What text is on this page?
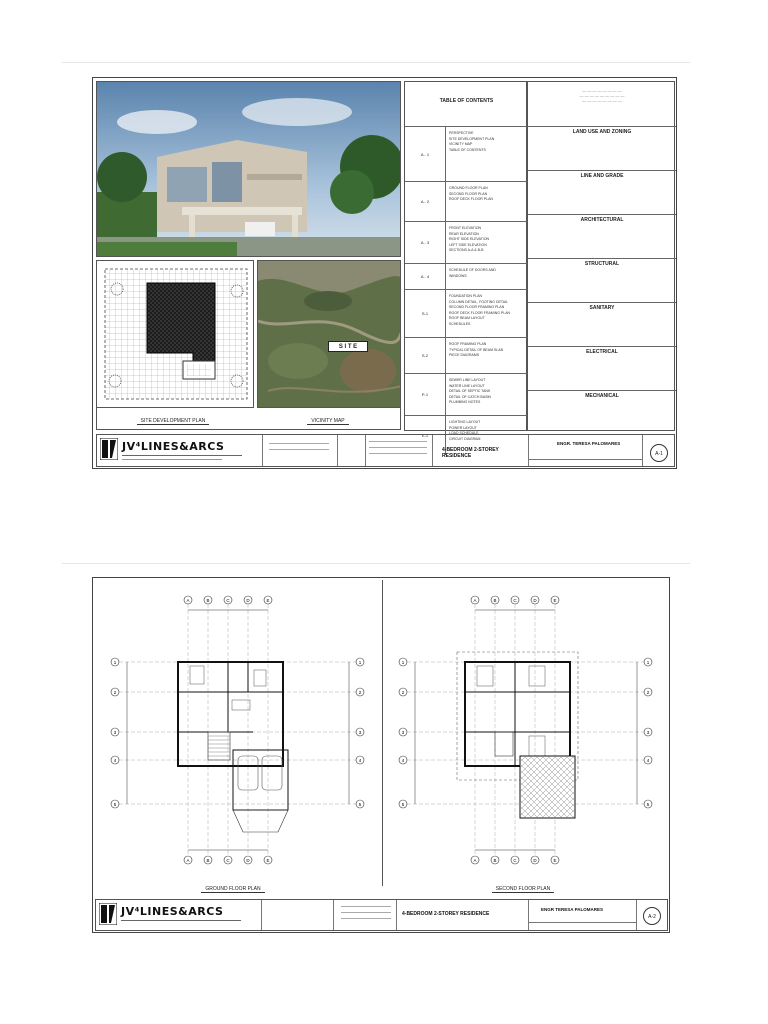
S I T E
SITE DEVELOPMENT PLAN	VICINITY MAP
TABLE OF CONTENTS
A - 1
PERSPECTIVE
SITE DEVELOPMENT PLAN
VICINITY MAP
TABLE OF CONTENTS
A - 2
GROUND FLOOR PLAN
SECOND FLOOR PLAN
ROOF DECK FLOOR PLAN
A - 3
FRONT ELEVATION
REAR ELEVATION
RIGHT SIDE ELEVATION
LEFT SIDE ELEVATION
SECTIONS A-A & B-B
A - 4
SCHEDULE OF DOORS AND
WINDOWS
S-1
FOUNDATION PLAN
COLUMN DETAIL, FOOTING DETAIL
SECOND FLOOR FRAMING PLAN
ROOF DECK FLOOR FRAMING PLAN
ROOF BEAM LAYOUT
SCHEDULES
S-2
ROOF FRAMING PLAN
TYPICAL DETAIL OF BEAM SLAB
PIECE DIAGRAMS
P-1
SEWER LINE LAYOUT
WATER LINE LAYOUT
DETAIL OF SEPTIC TANK
DETAIL OF CATCH BASIN
PLUMBING NOTES
E-1
LIGHTING LAYOUT
POWER LAYOUT
LOAD SCHEDULE
CIRCUIT DIAGRAM
— — — — — — — —
— — — — — — — — —
— — — — — — — —
LAND USE AND ZONING
LINE AND GRADE
ARCHITECTURAL
STRUCTURAL
SANITARY
ELECTRICAL
MECHANICAL
JV⁴LINES&ARCS	4-BEDROOM 2-STOREY RESIDENCE
ENGR. TERESA PALOMARES
A-1
A
A
B
B
C
C
D
D
E
E
1	1
2	2
3	3
4	4
5	5
A
A
B
B
C
C
D
D
E
E
1	1
2	2
3	3
4	4
5	5
GROUND FLOOR PLAN	SECOND FLOOR PLAN
JV⁴LINES&ARCS	4-BEDROOM 2-STOREY RESIDENCE
ENGR TERESA PALOMARES
A-2
